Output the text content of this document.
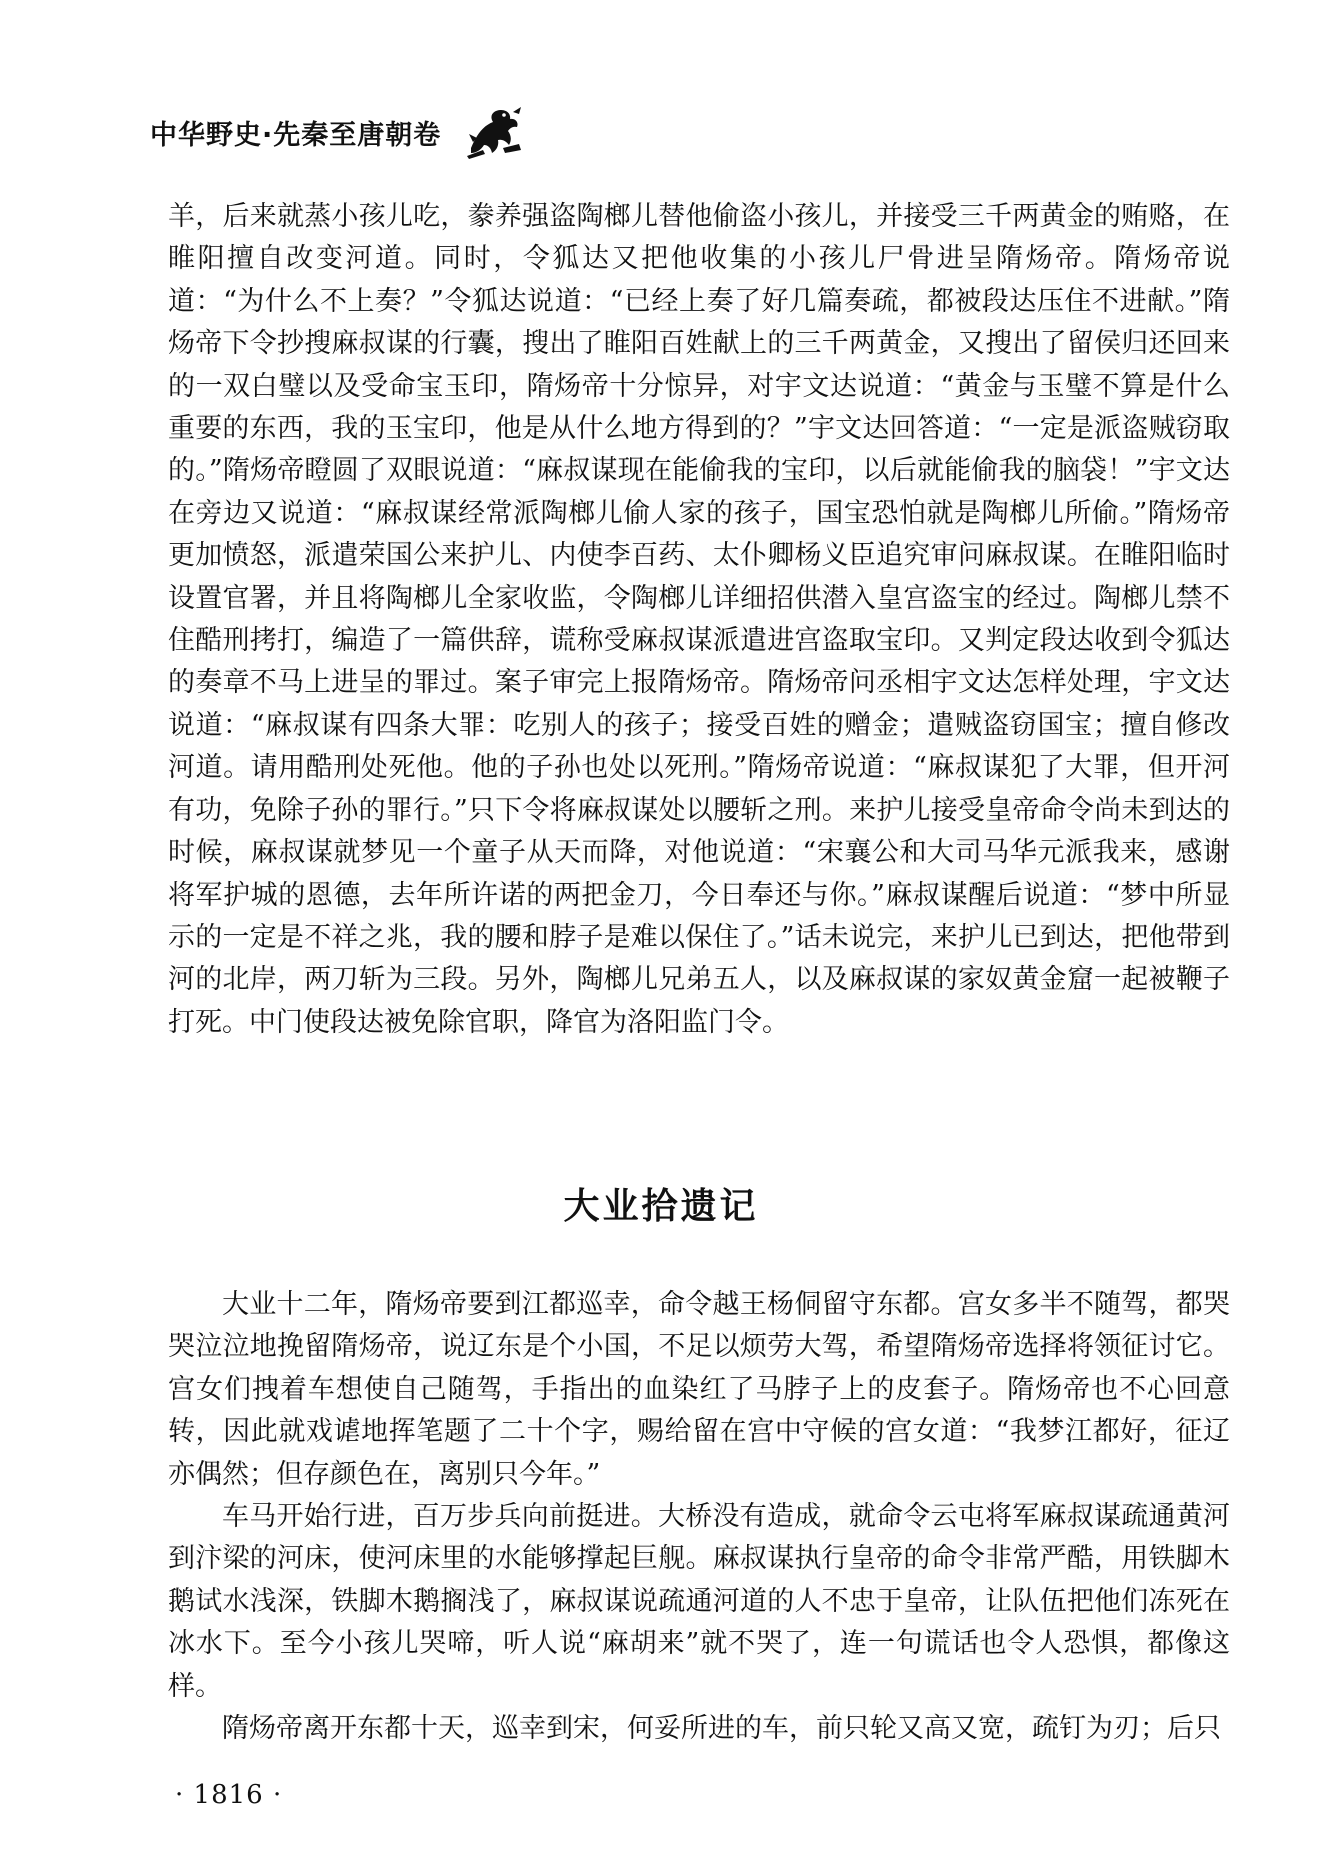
中华野史·先秦至唐朝卷

羊，后来就蒸小孩儿吃，豢养强盗陶榔儿替他偷盗小孩儿，并接受三千两黄金的贿赂，在睢阳擅自改变河道。同时，令狐达又把他收集的小孩儿尸骨进呈隋炀帝。隋炀帝说道：“为什么不上奏？”令狐达说道：“已经上奏了好几篇奏疏，都被段达压住不进献。”隋炀帝下令抄搜麻叔谋的行囊，搜出了睢阳百姓献上的三千两黄金，又搜出了留侯归还回来的一双白璧以及受命宝玉印，隋炀帝十分惊异，对宇文达说道：“黄金与玉璧不算是什么重要的东西，我的玉宝印，他是从什么地方得到的？”宇文达回答道：“一定是派盗贼窃取的。”隋炀帝瞪圆了双眼说道：“麻叔谋现在能偷我的宝印，以后就能偷我的脑袋！”宇文达在旁边又说道：“麻叔谋经常派陶榔儿偷人家的孩子，国宝恐怕就是陶榔儿所偷。”隋炀帝更加愤怒，派遣荣国公来护儿、内使李百药、太仆卿杨义臣追究审问麻叔谋。在睢阳临时设置官署，并且将陶榔儿全家收监，令陶榔儿详细招供潜入皇宫盗宝的经过。陶榔儿禁不住酷刑拷打，编造了一篇供辞，谎称受麻叔谋派遣进宫盗取宝印。又判定段达收到令狐达的奏章不马上进呈的罪过。案子审完上报隋炀帝。隋炀帝问丞相宇文达怎样处理，宇文达说道：“麻叔谋有四条大罪：吃别人的孩子；接受百姓的赠金；遣贼盗窃国宝；擅自修改河道。请用酷刑处死他。他的子孙也处以死刑。”隋炀帝说道：“麻叔谋犯了大罪，但开河有功，免除子孙的罪行。”只下令将麻叔谋处以腰斩之刑。来护儿接受皇帝命令尚未到达的时候，麻叔谋就梦见一个童子从天而降，对他说道：“宋襄公和大司马华元派我来，感谢将军护城的恩德，去年所许诺的两把金刀，今日奉还与你。”麻叔谋醒后说道：“梦中所显示的一定是不祥之兆，我的腰和脖子是难以保住了。”话未说完，来护儿已到达，把他带到河的北岸，两刀斩为三段。另外，陶榔儿兄弟五人，以及麻叔谋的家奴黄金窟一起被鞭子打死。中门使段达被免除官职，降官为洛阳监门令。

大业拾遗记

大业十二年，隋炀帝要到江都巡幸，命令越王杨侗留守东都。宫女多半不随驾，都哭哭泣泣地挽留隋炀帝，说辽东是个小国，不足以烦劳大驾，希望隋炀帝选择将领征讨它。宫女们拽着车想使自己随驾，手指出的血染红了马脖子上的皮套子。隋炀帝也不心回意转，因此就戏谑地挥笔题了二十个字，赐给留在宫中守候的宫女道：“我梦江都好，征辽亦偶然；但存颜色在，离别只今年。”

车马开始行进，百万步兵向前挺进。大桥没有造成，就命令云屯将军麻叔谋疏通黄河到汴梁的河床，使河床里的水能够撑起巨舰。麻叔谋执行皇帝的命令非常严酷，用铁脚木鹅试水浅深，铁脚木鹅搁浅了，麻叔谋说疏通河道的人不忠于皇帝，让队伍把他们冻死在冰水下。至今小孩儿哭啼，听人说“麻胡来”就不哭了，连一句谎话也令人恐惧，都像这样。

隋炀帝离开东都十天，巡幸到宋，何妥所进的车，前只轮又高又宽，疏钉为刃；后只

· 1816 ·
